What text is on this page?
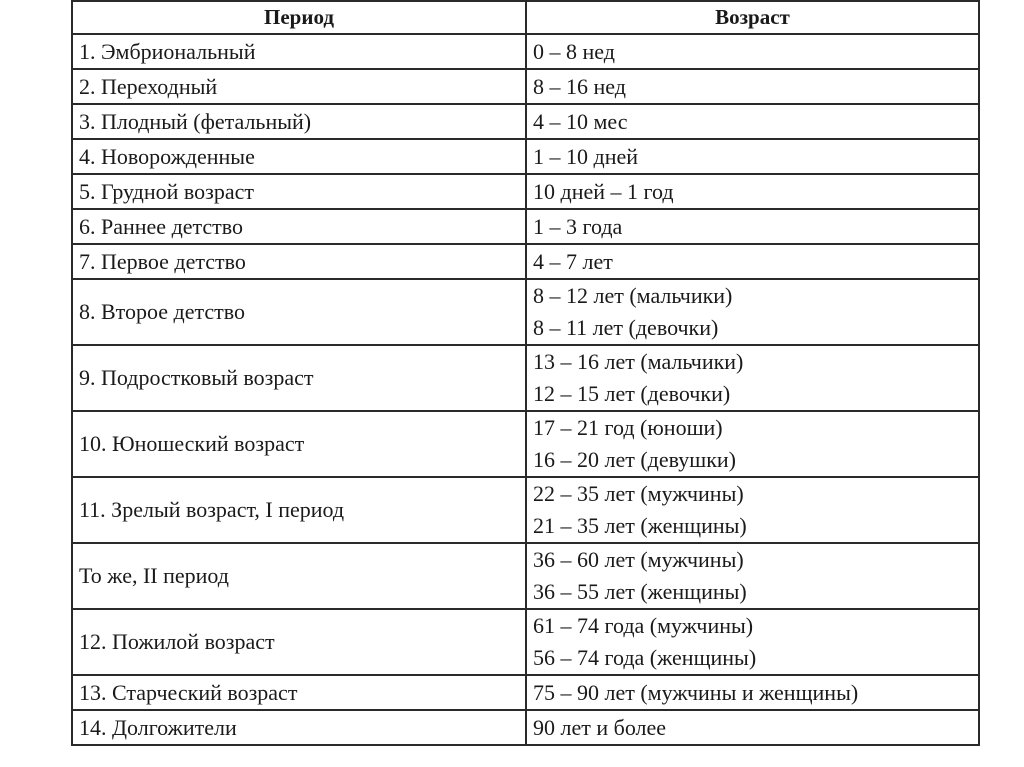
Период	Возраст
1. Эмбриональный	0 – 8 нед

2. Переходный	8 – 16 нед

3. Плодный (фетальный)	4 – 10 мес

4. Новорожденные	1 – 10 дней

5. Грудной возраст	10 дней – 1 год

6. Раннее детство	1 – 3 года

7. Первое детство	4 – 7 лет

8. Второе детство	8 – 12 лет (мальчики)
8 – 11 лет (девочки)

9. Подростковый возраст	13 – 16 лет (мальчики)
12 – 15 лет (девочки)

10. Юношеский возраст	17 – 21 год (юноши)
16 – 20 лет (девушки)

11. Зрелый возраст, I период	22 – 35 лет (мужчины)
21 – 35 лет (женщины)

То же, II период	36 – 60 лет (мужчины)
36 – 55 лет (женщины)

12. Пожилой возраст	61 – 74 года (мужчины)
56 – 74 года (женщины)

13. Старческий возраст	75 – 90 лет (мужчины и женщины)

14. Долгожители	90 лет и более
